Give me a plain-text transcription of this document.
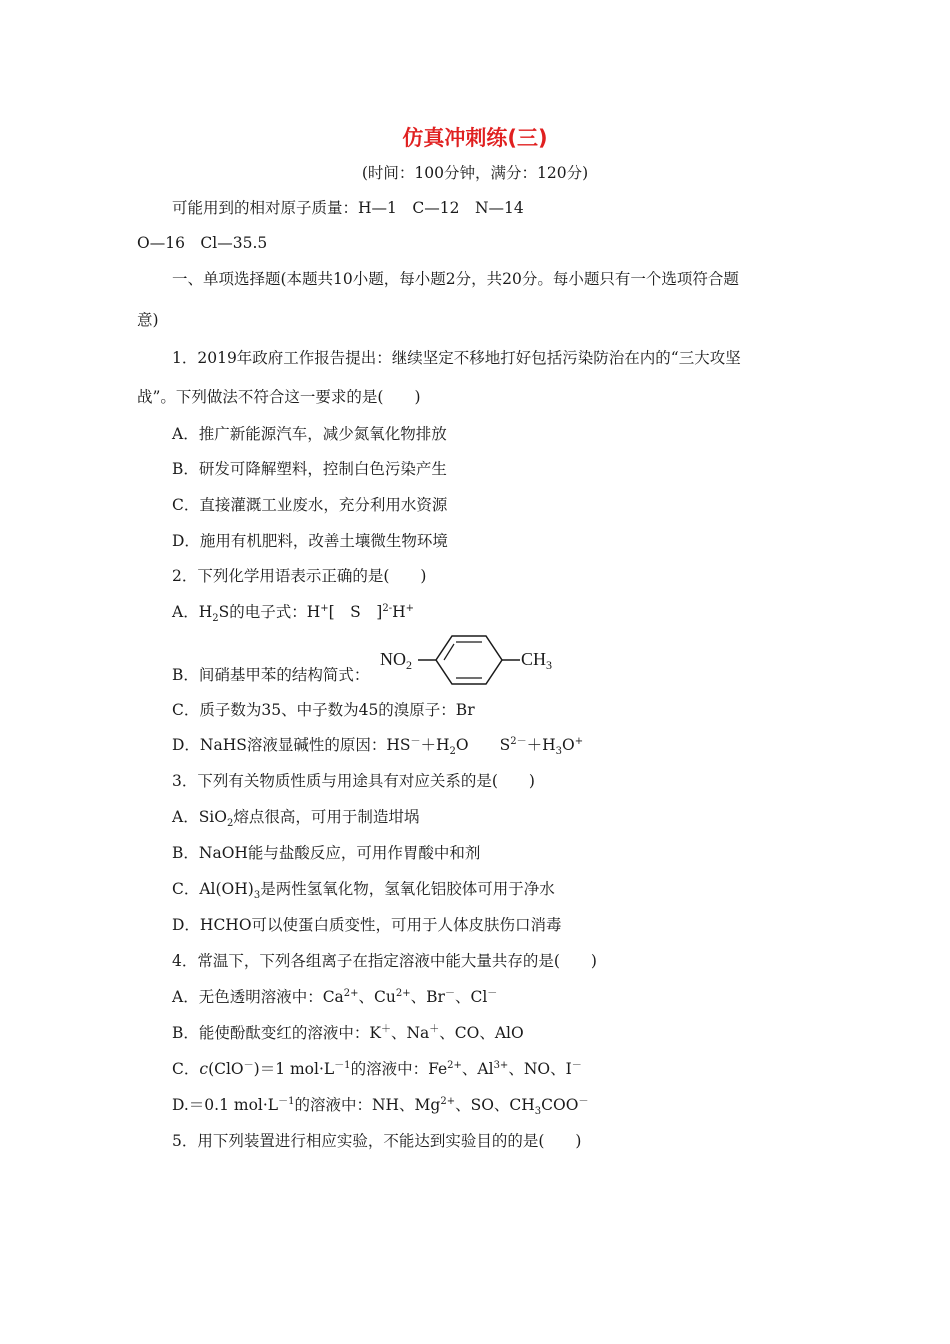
仿真冲刺练(三)
(时间：100分钟，满分：120分)
可能用到的相对原子质量：H—1　C—12　N—14
O—16　Cl—35.5
一、单项选择题(本题共10小题，每小题2分，共20分。每小题只有一个选项符合题
意)
1．2019年政府工作报告提出：继续坚定不移地打好包括污染防治在内的“三大攻坚
战”。下列做法不符合这一要求的是(　　)
A．推广新能源汽车，减少氮氧化物排放
B．研发可降解塑料，控制白色污染产生
C．直接灌溉工业废水，充分利用水资源
D．施用有机肥料，改善土壤微生物环境
2．下列化学用语表示正确的是(　　)
A．$H_2S$的电子式：H+[　S　]$^{2-}$H+
B．间硝基甲苯的结构简式：
$NO_2$	$CH_3$
C．质子数为35、中子数为45的溴原子：Br
D．NaHS溶液显碱性的原因：$HS^-+H_2O$　　$S^{2-}+H_3O^+$
3．下列有关物质性质与用途具有对应关系的是(　　)
A．SiO$_2$熔点很高，可用于制造坩埚
B．NaOH能与盐酸反应，可用作胃酸中和剂
C．$Al(OH)_3$是两性氢氧化物，氢氧化铝胶体可用于净水
D．HCHO可以使蛋白质变性，可用于人体皮肤伤口消毒
4．常温下，下列各组离子在指定溶液中能大量共存的是(　　)
A．无色透明溶液中：$Ca^{2+}$、$Cu^{2+}$、Br－、Cl－
B．能使酚酞变红的溶液中：K＋、Na＋、CO、AlO
C．c(ClO－)＝1 $mol\cdot L^{-1}$的溶液中：$Fe^{2+}$、$Al^{3+}$、NO、I－
D.＝0.1 $mol\cdot L^{-1}$的溶液中：NH、$Mg^{2+}$、SO、$CH_3COO^-$
5．用下列装置进行相应实验，不能达到实验目的的是(　　)
